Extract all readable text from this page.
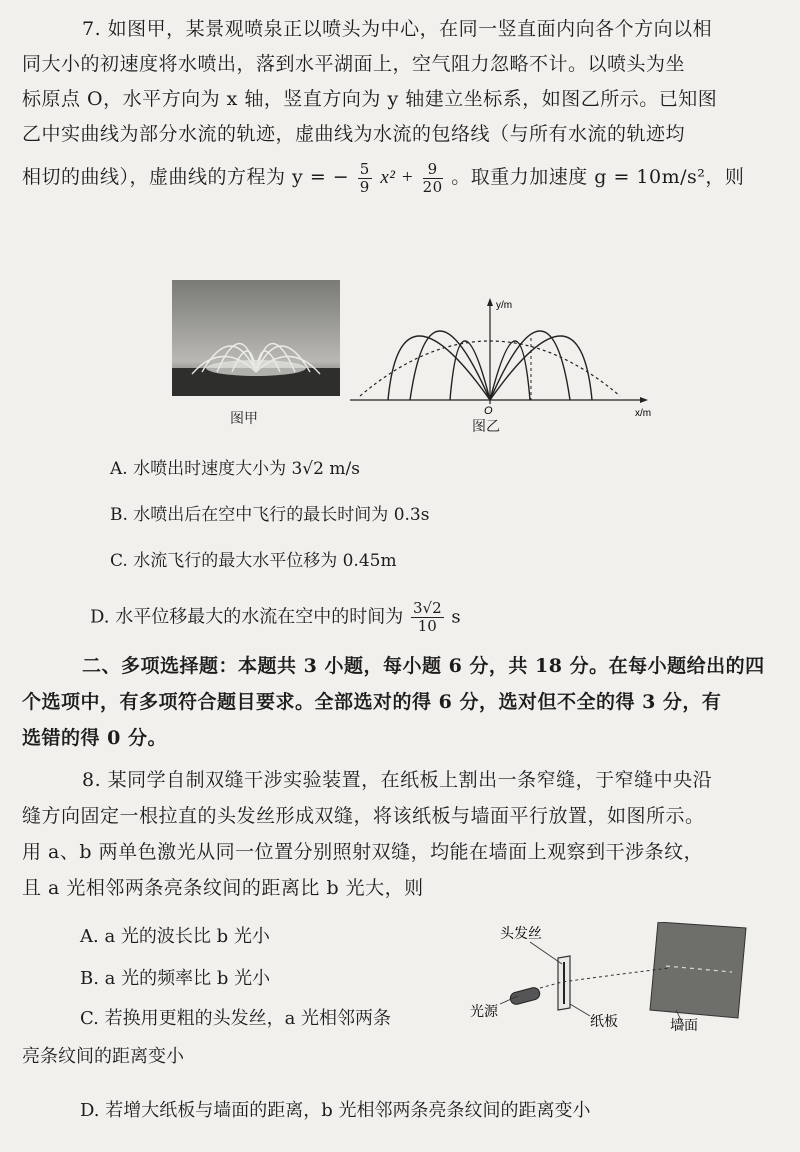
7. 如图甲，某景观喷泉正以喷头为中心，在同一竖直面内向各个方向以相
同大小的初速度将水喷出，落到水平湖面上，空气阻力忽略不计。以喷头为坐
标原点 O，水平方向为 x 轴，竖直方向为 y 轴建立坐标系，如图乙所示。已知图
乙中实曲线为部分水流的轨迹，虚曲线为水流的包络线（与所有水流的轨迹均
相切的曲线），虚曲线的方程为 y = − $\frac{5}{9} x^2 + \frac{9}{20}$ 。取重力加速度 g = 10m/s²，则
图甲
y/m
x/m
O
图乙
A. 水喷出时速度大小为 3√2 m/s
B. 水喷出后在空中飞行的最长时间为 0.3s
C. 水流飞行的最大水平位移为 0.45m
D. 水平位移最大的水流在空中的时间为 $\frac{3√2}{10}$ s
二、多项选择题：本题共 3 小题，每小题 6 分，共 18 分。在每小题给出的四
个选项中，有多项符合题目要求。全部选对的得 6 分，选对但不全的得 3 分，有
选错的得 0 分。
8. 某同学自制双缝干涉实验装置，在纸板上割出一条窄缝，于窄缝中央沿
缝方向固定一根拉直的头发丝形成双缝，将该纸板与墙面平行放置，如图所示。
用 a、b 两单色激光从同一位置分别照射双缝，均能在墙面上观察到干涉条纹，
且 a 光相邻两条亮条纹间的距离比 b 光大，则
A. a 光的波长比 b 光小
B. a 光的频率比 b 光小
C. 若换用更粗的头发丝，a 光相邻两条
亮条纹间的距离变小
D. 若增大纸板与墙面的距离，b 光相邻两条亮条纹间的距离变小
头发丝
光源
纸板	墙面
